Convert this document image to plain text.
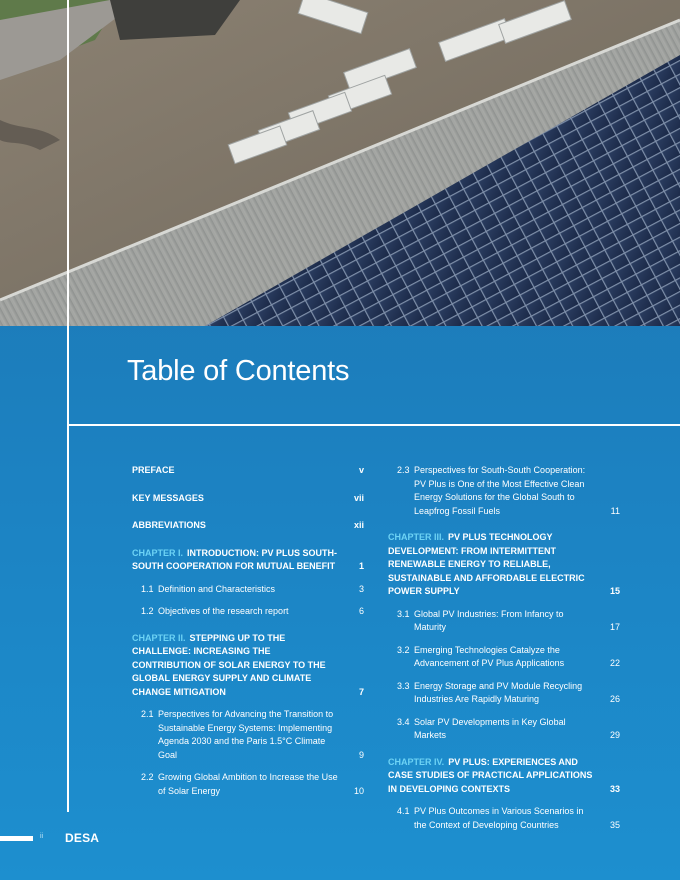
Table of Contents
PREFACE	v
KEY MESSAGES	vii
ABBREVIATIONS	xii
CHAPTER I. INTRODUCTION: PV PLUS SOUTH-SOUTH COOPERATION FOR MUTUAL BENEFIT	1
1.1 Definition and Characteristics	3
1.2 Objectives of the research report	6
CHAPTER II. STEPPING UP TO THE CHALLENGE: INCREASING THE CONTRIBUTION OF SOLAR ENERGY TO THE GLOBAL ENERGY SUPPLY AND CLIMATE CHANGE MITIGATION	7
2.1 Perspectives for Advancing the Transition to Sustainable Energy Systems: Implementing Agenda 2030 and the Paris 1.5°C Climate Goal	9
2.2 Growing Global Ambition to Increase the Use of Solar Energy	10
2.3 Perspectives for South-South Cooperation: PV Plus is One of the Most Effective Clean Energy Solutions for the Global South to Leapfrog Fossil Fuels	11
CHAPTER III. PV PLUS TECHNOLOGY DEVELOPMENT: FROM INTERMITTENT RENEWABLE ENERGY TO RELIABLE, SUSTAINABLE AND AFFORDABLE ELECTRIC POWER SUPPLY	15
3.1 Global PV Industries: From Infancy to Maturity	17
3.2 Emerging Technologies Catalyze the Advancement of PV Plus Applications	22
3.3 Energy Storage and PV Module Recycling Industries Are Rapidly Maturing	26
3.4 Solar PV Developments in Key Global Markets	29
CHAPTER IV. PV PLUS: EXPERIENCES AND CASE STUDIES OF PRACTICAL APPLICATIONS IN DEVELOPING CONTEXTS	33
4.1 PV Plus Outcomes in Various Scenarios in the Context of Developing Countries	35
ii DESA
